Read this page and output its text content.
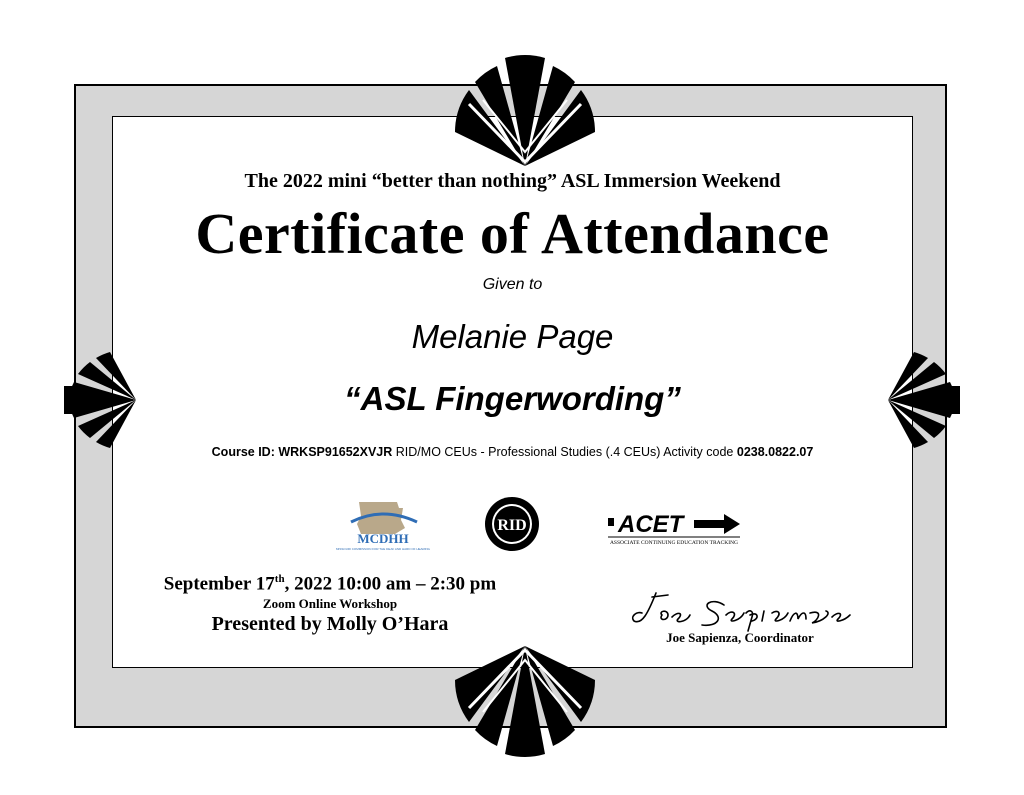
The 2022 mini “better than nothing” ASL Immersion Weekend
Certificate of Attendance
Given to
Melanie Page
“ASL Fingerwording”
Course ID: WRKSP91652XVJR RID/MO CEUs - Professional Studies (.4 CEUs) Activity code 0238.0822.07
MCDHH
MISSOURI COMMISSION FOR THE DEAF AND HARD OF HEARING
RID	ACET
ASSOCIATE CONTINUING EDUCATION TRACKING
September 17th, 2022 10:00 am – 2:30 pm
Zoom Online Workshop
Presented by Molly O’Hara
Joe Sapienza, Coordinator
